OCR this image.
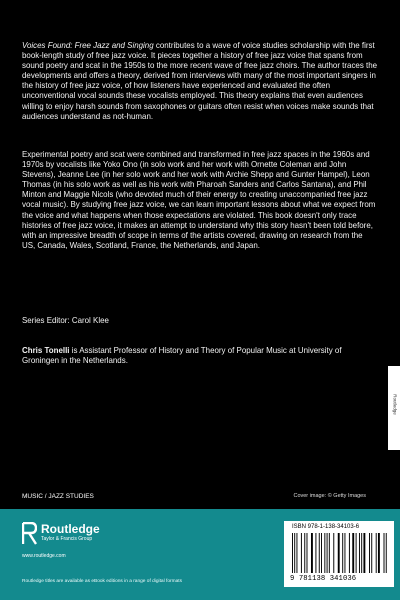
Voices Found: Free Jazz and Singing contributes to a wave of voice studies scholarship with the first book-length study of free jazz voice. It pieces together a history of free jazz voice that spans from sound poetry and scat in the 1950s to the more recent wave of free jazz choirs. The author traces the developments and offers a theory, derived from interviews with many of the most important singers in the history of free jazz voice, of how listeners have experienced and evaluated the often unconventional vocal sounds these vocalists employed. This theory explains that even audiences willing to enjoy harsh sounds from saxophones or guitars often resist when voices make sounds that audiences understand as not-human.

Experimental poetry and scat were combined and transformed in free jazz spaces in the 1960s and 1970s by vocalists like Yoko Ono (in solo work and her work with Ornette Coleman and John Stevens), Jeanne Lee (in her solo work and her work with Archie Shepp and Gunter Hampel), Leon Thomas (in his solo work as well as his work with Pharoah Sanders and Carlos Santana), and Phil Minton and Maggie Nicols (who devoted much of their energy to creating unaccompanied free jazz vocal music). By studying free jazz voice, we can learn important lessons about what we expect from the voice and what happens when those expectations are violated. This book doesn't only trace histories of free jazz voice, it makes an attempt to understand why this story hasn't been told before, with an impressive breadth of scope in terms of the artists covered, drawing on research from the US, Canada, Wales, Scotland, France, the Netherlands, and Japan.

Series Editor: Carol Klee

Chris Tonelli is Assistant Professor of History and Theory of Popular Music at University of Groningen in the Netherlands.

Routledge
MUSIC / JAZZ STUDIES	Cover image: © Getty Images
Routledge
Taylor & Francis Group
www.routledge.com
Routledge titles are available as eBook editions in a range of digital formats
ISBN 978-1-138-34103-6
9 781138 341036
